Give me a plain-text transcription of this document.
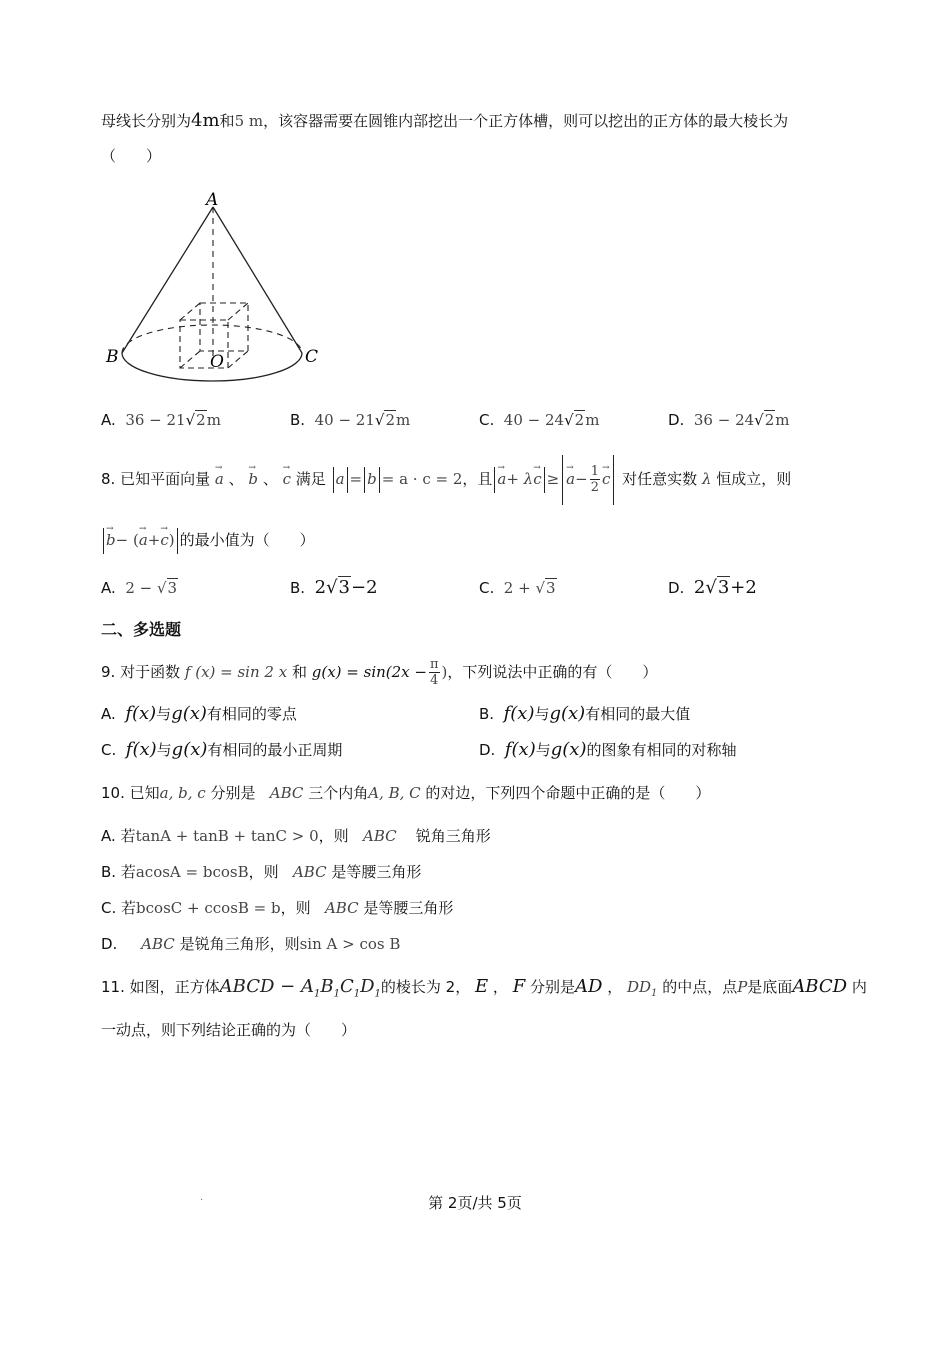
母线长分别为4m和5 m，该容器需要在圆锥内部挖出一个正方体槽，则可以挖出的正方体的最大棱长为
（　　）
A
B	C
O
A. 36 − 21√2m	B. 40 − 21√2m	C. 40 − 24√2m	D. 36 − 24√2m
8. 已知平面向量 → a 、 → b 、 → c 满足 a = b = a · c = 2，且→ $a+ \lambda\to c \ge\to a- \frac{1}{2}$
→ c 对任意实数 λ 恒成立，则
→ b− (→ a+→ c) 的最小值为（　　）
A. 2 − √3	B. 2√3−2	C. 2 + √3	D. 2√3+2
二、多选题
9. 对于函数 f (x) = sin 2 x 和 $g(x) = \sin(2x - \frac{\pi}{4}$ )，下列说法中正确的有（　　）
A. f(x)与g(x)有相同的零点	B. f(x)与g(x)有相同的最大值
C. f(x)与g(x)有相同的最小正周期	D. f(x)与g(x)的图象有相同的对称轴
10. 已知a, b, c 分别是 ABC 三个内角A, B, C 的对边，下列四个命题中正确的是（　　）
A. 若tanA + tanB + tanC > 0，则 ABC 锐角三角形
B. 若acosA = bcosB，则 ABC 是等腰三角形
C. 若bcosC + ccosB = b，则 ABC 是等腰三角形
D. ABC 是锐角三角形，则sin A > cos B
11. 如图，正方体ABCD − $A_1B_1C_1D_1$的棱长为 2， E ， F 分别是AD ， $DD_1$ 的中点，点P是底面ABCD 内
一动点，则下列结论正确的为（　　）
.	第 2页/共 5页
